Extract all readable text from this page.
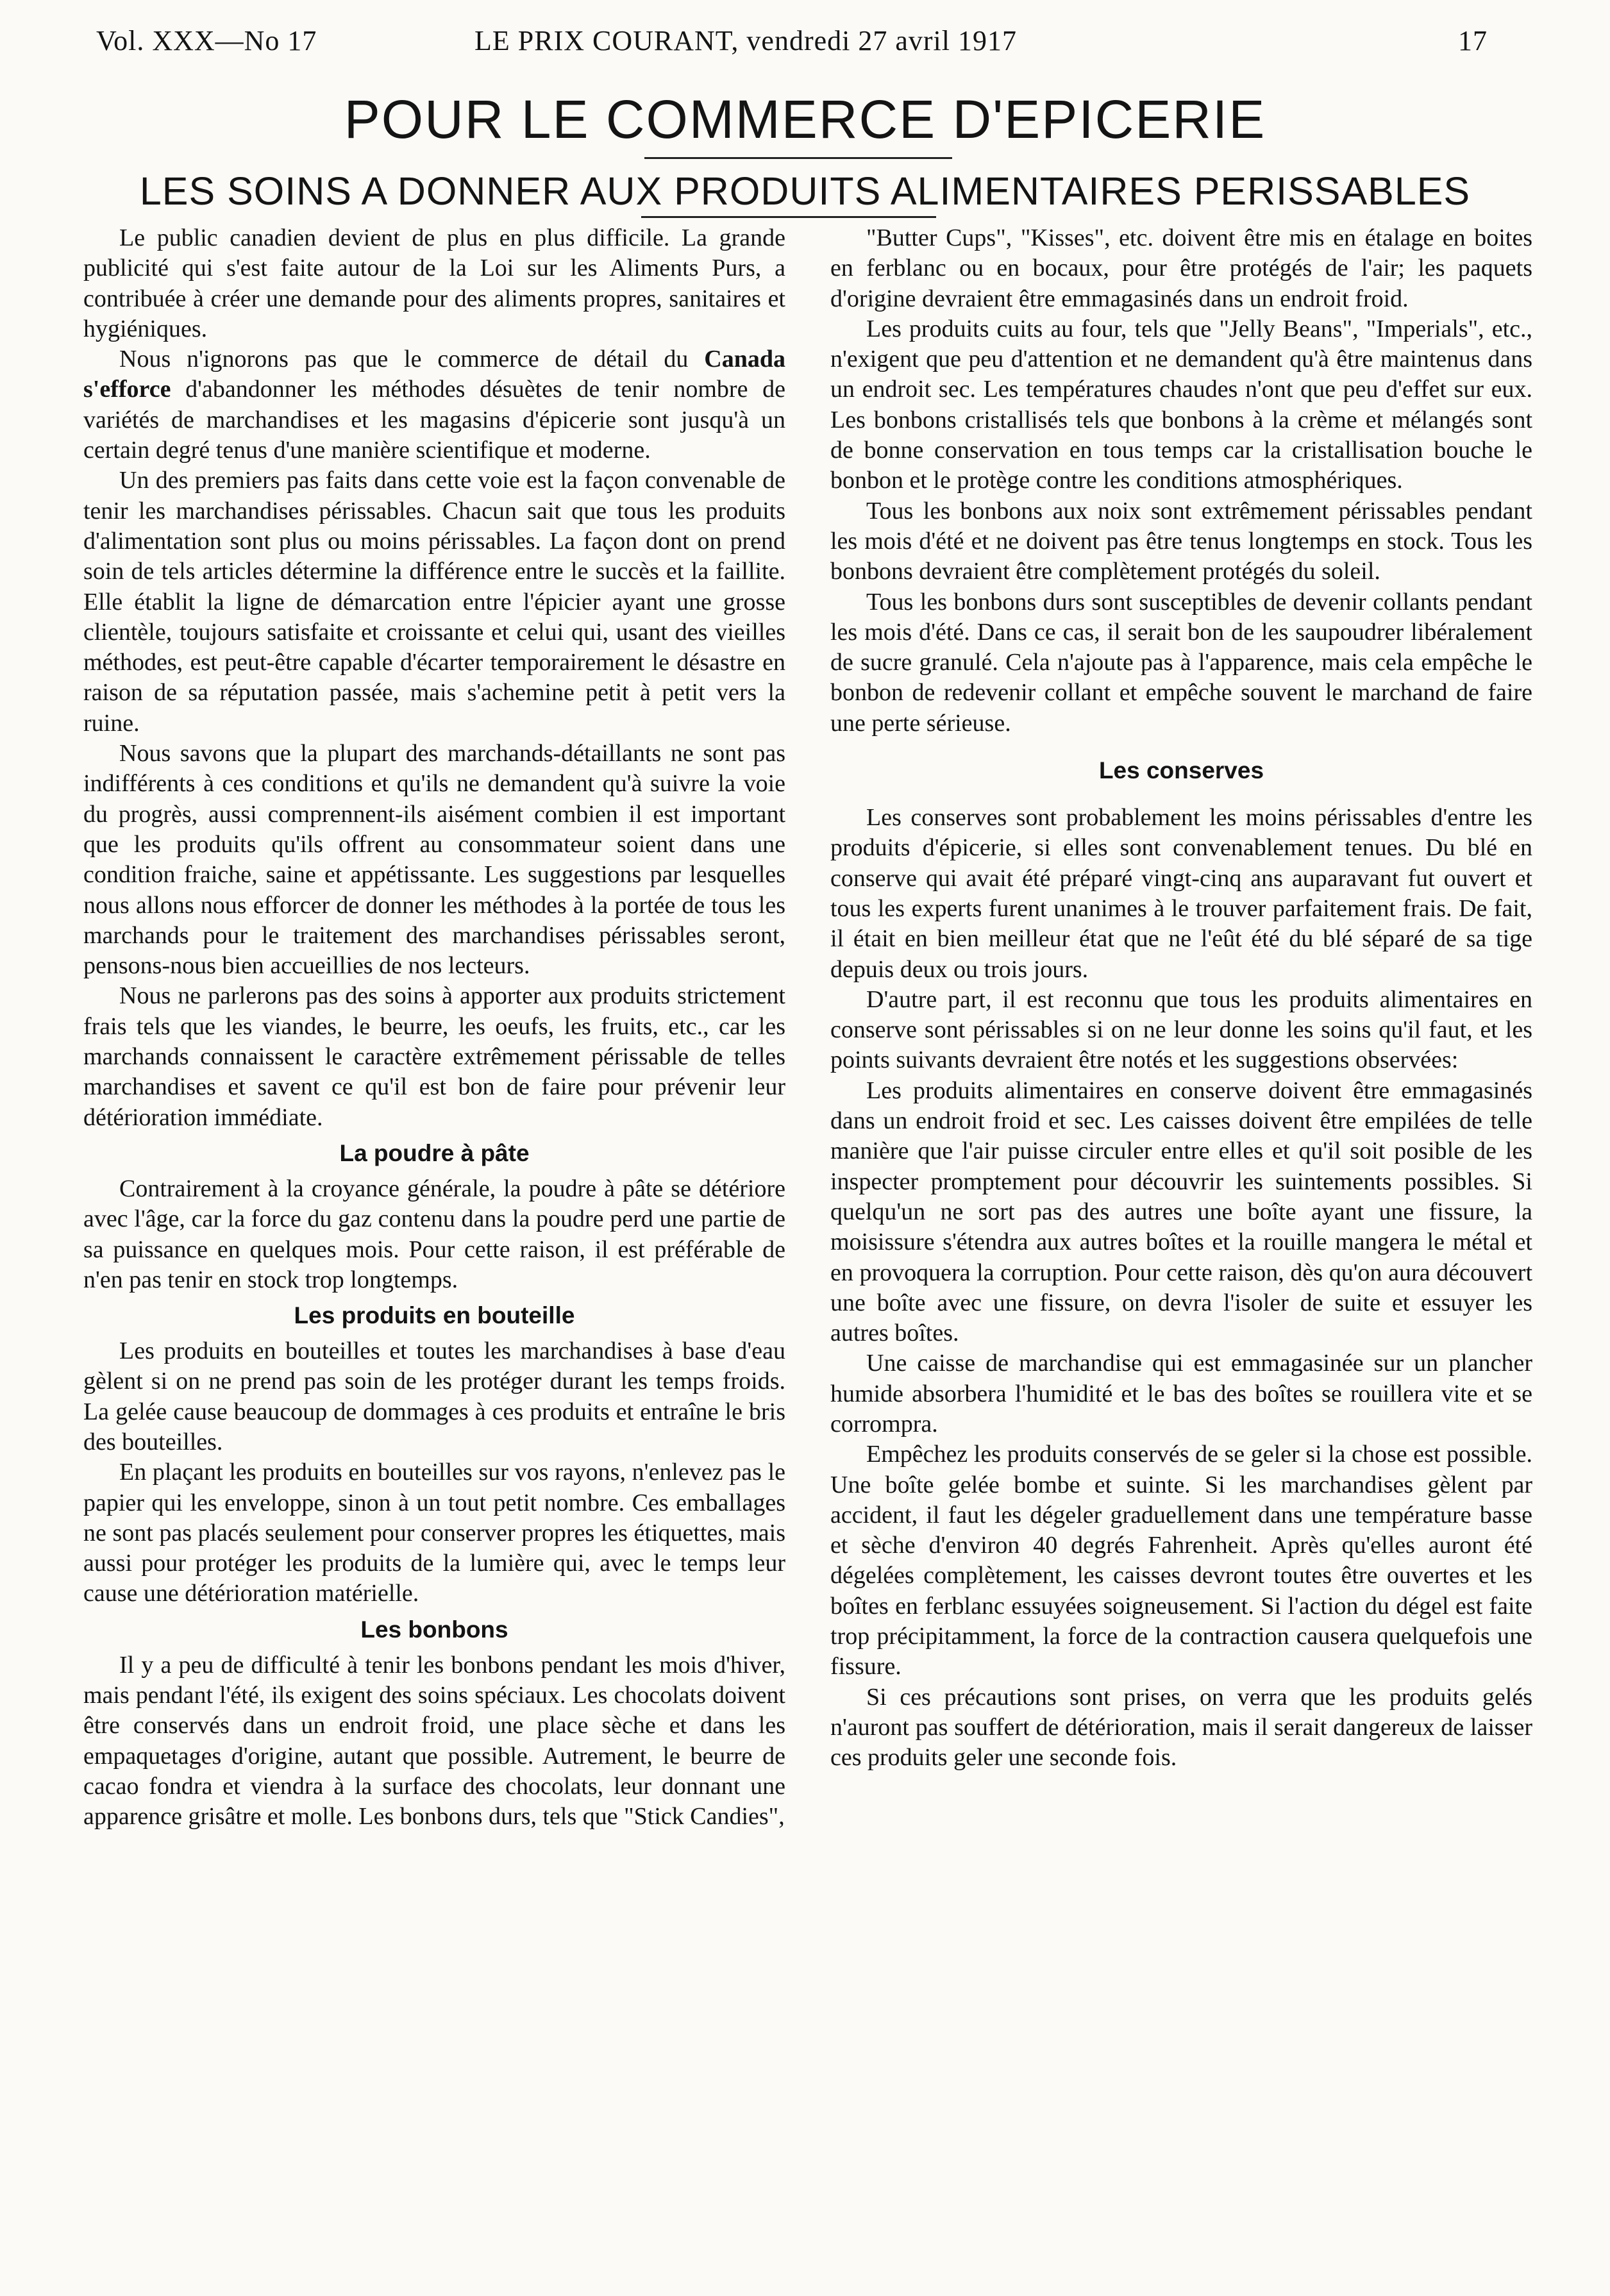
Vol. XXX—No 17	LE PRIX COURANT, vendredi 27 avril 1917	17
POUR LE COMMERCE D'EPICERIE
LES SOINS A DONNER AUX PRODUITS ALIMENTAIRES PERISSABLES

Le public canadien devient de plus en plus difficile. La grande publicité qui s'est faite autour de la Loi sur les Aliments Purs, a contribuée à créer une demande pour des aliments propres, sanitaires et hygiéniques.

Nous n'ignorons pas que le commerce de détail du Canada s'efforce d'abandonner les méthodes désuètes de tenir nombre de variétés de marchandises et les magasins d'épicerie sont jusqu'à un certain degré tenus d'une manière scientifique et moderne.

Un des premiers pas faits dans cette voie est la façon convenable de tenir les marchandises périssables. Chacun sait que tous les produits d'alimentation sont plus ou moins périssables. La façon dont on prend soin de tels articles détermine la différence entre le succès et la faillite. Elle établit la ligne de démarcation entre l'épicier ayant une grosse clientèle, toujours satisfaite et croissante et celui qui, usant des vieilles méthodes, est peut-être capable d'écarter temporairement le désastre en raison de sa réputation passée, mais s'achemine petit à petit vers la ruine.

Nous savons que la plupart des marchands-détaillants ne sont pas indifférents à ces conditions et qu'ils ne demandent qu'à suivre la voie du progrès, aussi comprennent-ils aisément combien il est important que les produits qu'ils offrent au consommateur soient dans une condition fraiche, saine et appétissante. Les suggestions par lesquelles nous allons nous efforcer de donner les méthodes à la portée de tous les marchands pour le traitement des marchandises périssables seront, pensons-nous bien accueillies de nos lecteurs.

Nous ne parlerons pas des soins à apporter aux produits strictement frais tels que les viandes, le beurre, les oeufs, les fruits, etc., car les marchands connaissent le caractère extrêmement périssable de telles marchandises et savent ce qu'il est bon de faire pour prévenir leur détérioration immédiate.

La poudre à pâte

Contrairement à la croyance générale, la poudre à pâte se détériore avec l'âge, car la force du gaz contenu dans la poudre perd une partie de sa puissance en quelques mois. Pour cette raison, il est préférable de n'en pas tenir en stock trop longtemps.

Les produits en bouteille

Les produits en bouteilles et toutes les marchandises à base d'eau gèlent si on ne prend pas soin de les protéger durant les temps froids. La gelée cause beaucoup de dommages à ces produits et entraîne le bris des bouteilles.

En plaçant les produits en bouteilles sur vos rayons, n'enlevez pas le papier qui les enveloppe, sinon à un tout petit nombre. Ces emballages ne sont pas placés seulement pour conserver propres les étiquettes, mais aussi pour protéger les produits de la lumière qui, avec le temps leur cause une détérioration matérielle.

Les bonbons

Il y a peu de difficulté à tenir les bonbons pendant les mois d'hiver, mais pendant l'été, ils exigent des soins spéciaux. Les chocolats doivent être conservés dans un endroit froid, une place sèche et dans les empaquetages d'origine, autant que possible. Autrement, le beurre de cacao fondra et viendra à la surface des chocolats, leur donnant une apparence grisâtre et molle. Les bonbons durs, tels que "Stick Candies",

"Butter Cups", "Kisses", etc. doivent être mis en étalage en boites en ferblanc ou en bocaux, pour être protégés de l'air; les paquets d'origine devraient être emmagasinés dans un endroit froid.

Les produits cuits au four, tels que "Jelly Beans", "Imperials", etc., n'exigent que peu d'attention et ne demandent qu'à être maintenus dans un endroit sec. Les températures chaudes n'ont que peu d'effet sur eux. Les bonbons cristallisés tels que bonbons à la crème et mélangés sont de bonne conservation en tous temps car la cristallisation bouche le bonbon et le protège contre les conditions atmosphériques.

Tous les bonbons aux noix sont extrêmement périssables pendant les mois d'été et ne doivent pas être tenus longtemps en stock. Tous les bonbons devraient être complètement protégés du soleil.

Tous les bonbons durs sont susceptibles de devenir collants pendant les mois d'été. Dans ce cas, il serait bon de les saupoudrer libéralement de sucre granulé. Cela n'ajoute pas à l'apparence, mais cela empêche le bonbon de redevenir collant et empêche souvent le marchand de faire une perte sérieuse.

Les conserves

Les conserves sont probablement les moins périssables d'entre les produits d'épicerie, si elles sont convenablement tenues. Du blé en conserve qui avait été préparé vingt-cinq ans auparavant fut ouvert et tous les experts furent unanimes à le trouver parfaitement frais. De fait, il était en bien meilleur état que ne l'eût été du blé séparé de sa tige depuis deux ou trois jours.

D'autre part, il est reconnu que tous les produits alimentaires en conserve sont périssables si on ne leur donne les soins qu'il faut, et les points suivants devraient être notés et les suggestions observées:

Les produits alimentaires en conserve doivent être emmagasinés dans un endroit froid et sec. Les caisses doivent être empilées de telle manière que l'air puisse circuler entre elles et qu'il soit posible de les inspecter promptement pour découvrir les suintements possibles. Si quelqu'un ne sort pas des autres une boîte ayant une fissure, la moisissure s'étendra aux autres boîtes et la rouille mangera le métal et en provoquera la corruption. Pour cette raison, dès qu'on aura découvert une boîte avec une fissure, on devra l'isoler de suite et essuyer les autres boîtes.

Une caisse de marchandise qui est emmagasinée sur un plancher humide absorbera l'humidité et le bas des boîtes se rouillera vite et se corrompra.

Empêchez les produits conservés de se geler si la chose est possible. Une boîte gelée bombe et suinte. Si les marchandises gèlent par accident, il faut les dégeler graduellement dans une température basse et sèche d'environ 40 degrés Fahrenheit. Après qu'elles auront été dégelées complètement, les caisses devront toutes être ouvertes et les boîtes en ferblanc essuyées soigneusement. Si l'action du dégel est faite trop précipitamment, la force de la contraction causera quelquefois une fissure.

Si ces précautions sont prises, on verra que les produits gelés n'auront pas souffert de détérioration, mais il serait dangereux de laisser ces produits geler une seconde fois.
